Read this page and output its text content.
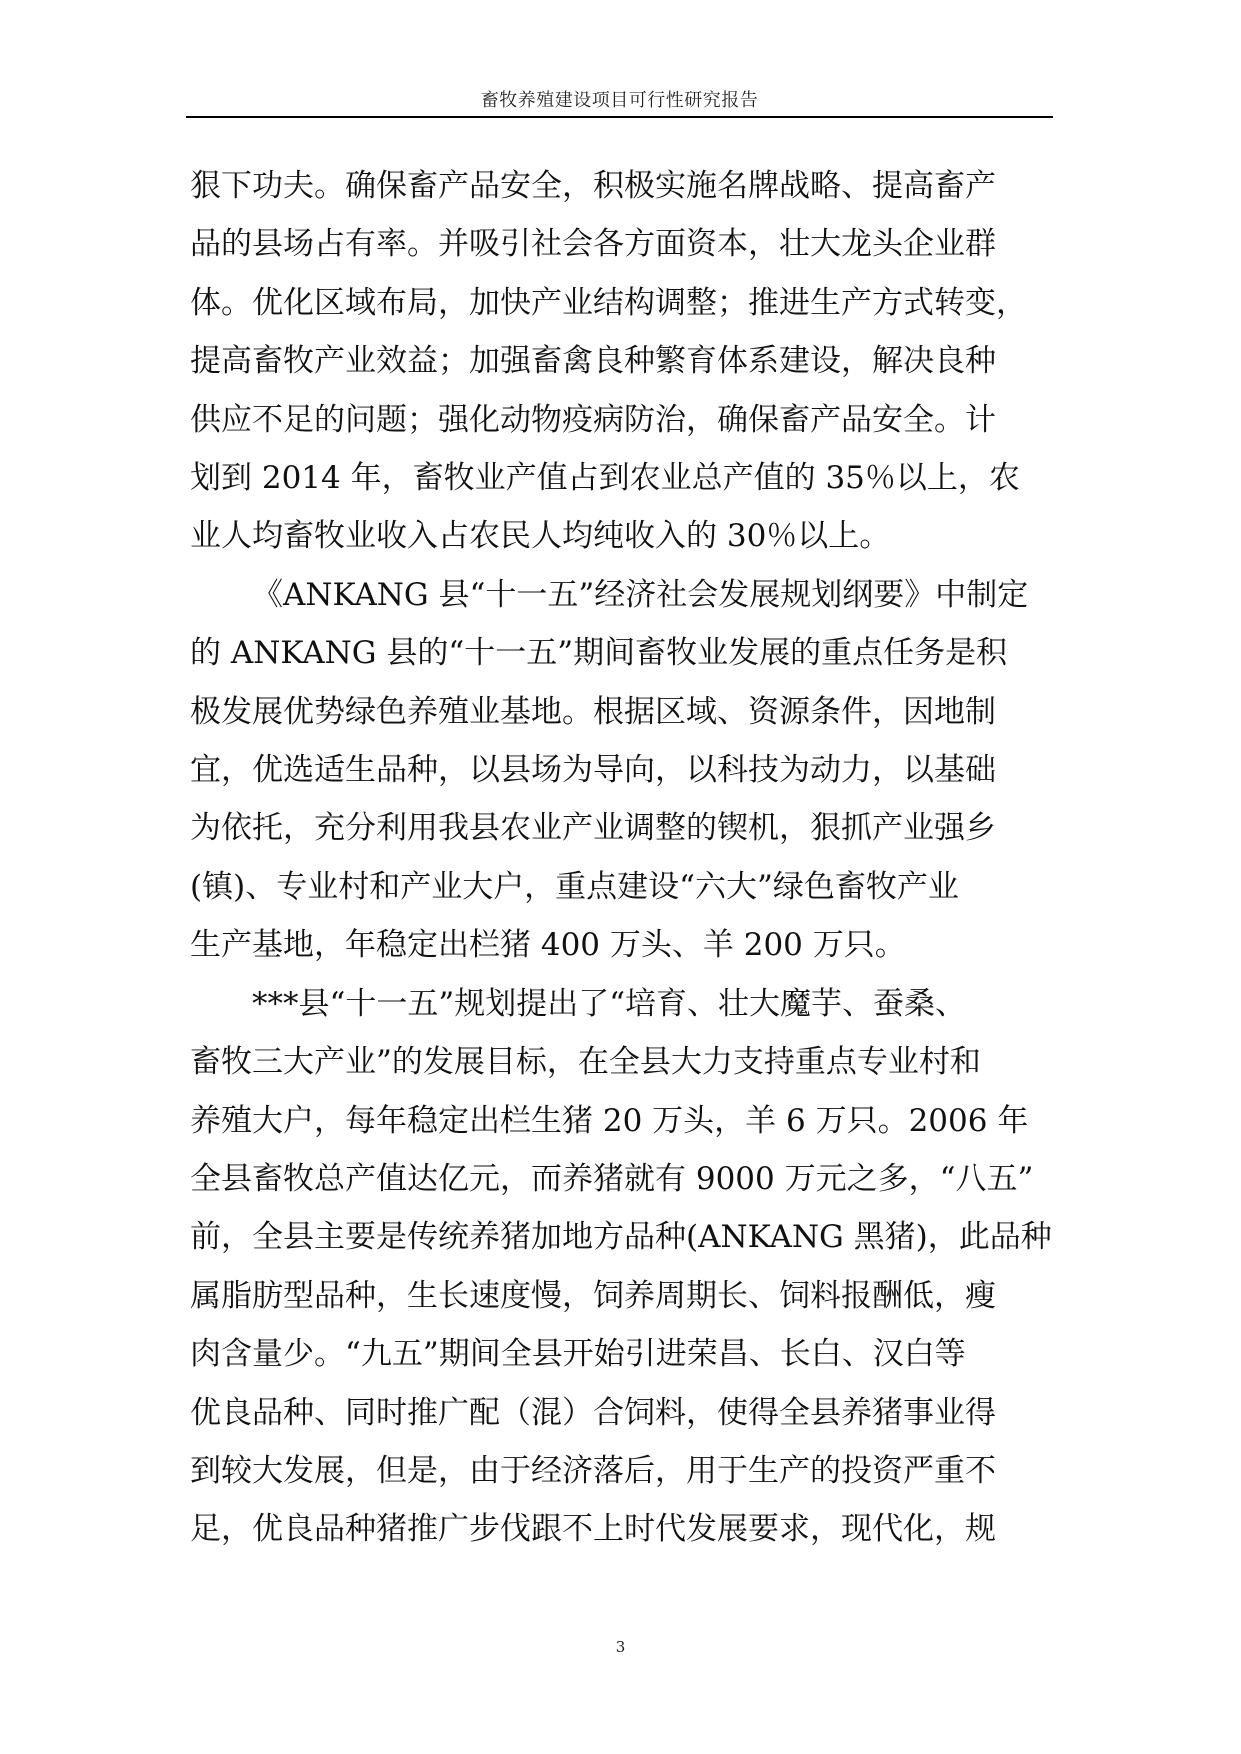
畜牧养殖建设项目可行性研究报告
狠下功夫。确保畜产品安全，积极实施名牌战略、提高畜产
品的县场占有率。并吸引社会各方面资本，壮大龙头企业群
体。优化区域布局，加快产业结构调整；推进生产方式转变，
提高畜牧产业效益；加强畜禽良种繁育体系建设，解决良种
供应不足的问题；强化动物疫病防治，确保畜产品安全。计
划到 2014 年，畜牧业产值占到农业总产值的 35％以上，农
业人均畜牧业收入占农民人均纯收入的 30％以上。
《ANKANG 县“十一五”经济社会发展规划纲要》中制定
的 ANKANG 县的“十一五”期间畜牧业发展的重点任务是积
极发展优势绿色养殖业基地。根据区域、资源条件，因地制
宜，优选适生品种，以县场为导向，以科技为动力，以基础
为依托，充分利用我县农业产业调整的锲机，狠抓产业强乡
(镇)、专业村和产业大户，重点建设“六大”绿色畜牧产业
生产基地，年稳定出栏猪 400 万头、羊 200 万只。
***县“十一五”规划提出了“培育、壮大魔芋、蚕桑、
畜牧三大产业”的发展目标，在全县大力支持重点专业村和
养殖大户，每年稳定出栏生猪 20 万头，羊 6 万只。2006 年
全县畜牧总产值达亿元，而养猪就有 9000 万元之多，“八五”
前，全县主要是传统养猪加地方品种(ANKANG 黑猪)，此品种
属脂肪型品种，生长速度慢，饲养周期长、饲料报酬低，瘦
肉含量少。“九五”期间全县开始引进荣昌、长白、汉白等
优良品种、同时推广配（混）合饲料，使得全县养猪事业得
到较大发展，但是，由于经济落后，用于生产的投资严重不
足，优良品种猪推广步伐跟不上时代发展要求，现代化，规
3
